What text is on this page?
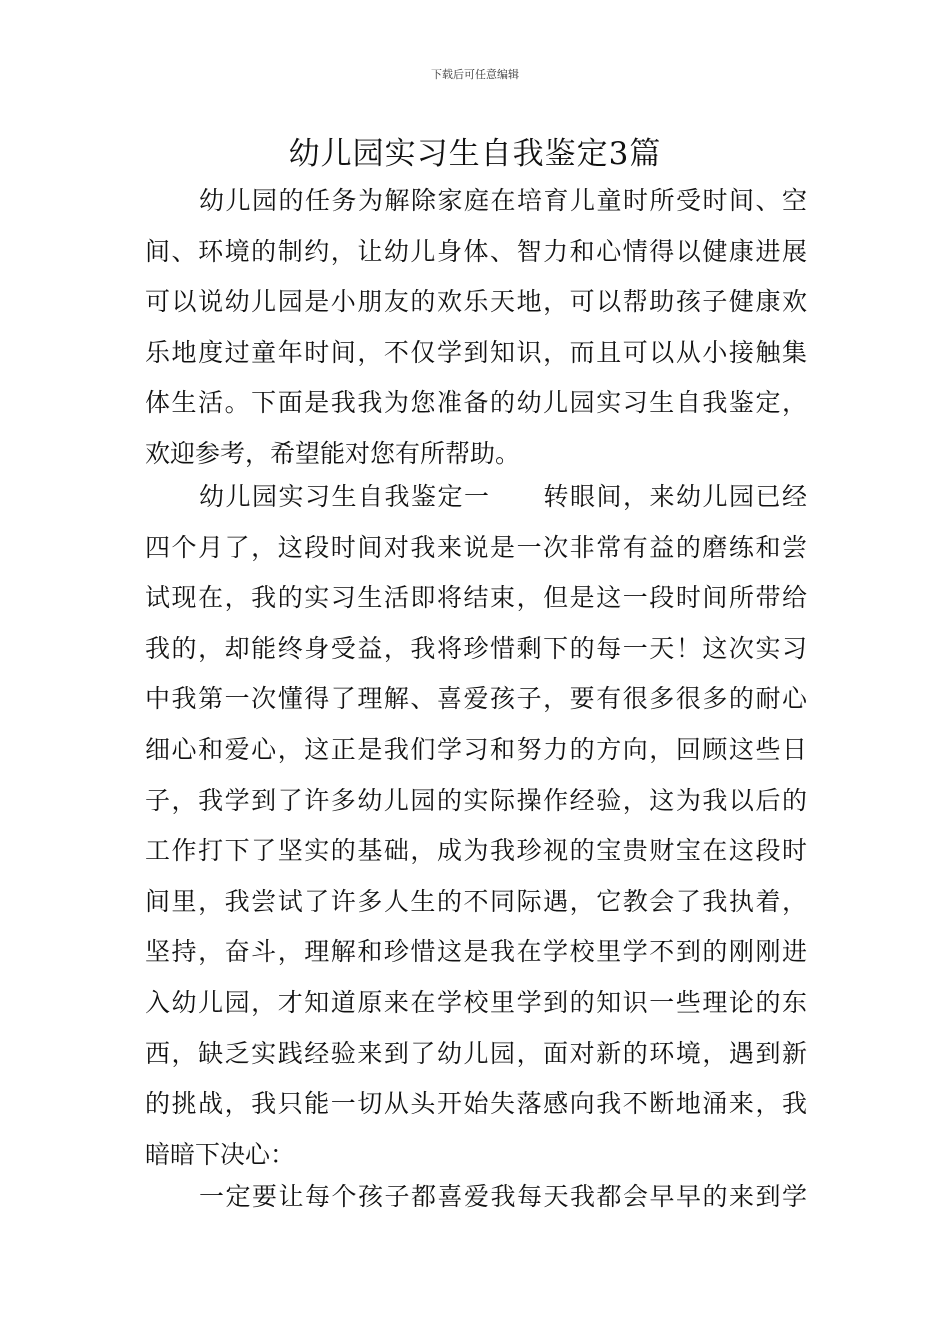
下载后可任意编辑
幼儿园实习生自我鉴定3篇
幼儿园的任务为解除家庭在培育儿童时所受时间、空
间、环境的制约，让幼儿身体、智力和心情得以健康进展
可以说幼儿园是小朋友的欢乐天地，可以帮助孩子健康欢
乐地度过童年时间，不仅学到知识，而且可以从小接触集
体生活。下面是我我为您准备的幼儿园实习生自我鉴定，
欢迎参考，希望能对您有所帮助。
幼儿园实习生自我鉴定一　　转眼间，来幼儿园已经
四个月了，这段时间对我来说是一次非常有益的磨练和尝
试现在，我的实习生活即将结束，但是这一段时间所带给
我的，却能终身受益，我将珍惜剩下的每一天！这次实习
中我第一次懂得了理解、喜爱孩子，要有很多很多的耐心
细心和爱心，这正是我们学习和努力的方向，回顾这些日
子，我学到了许多幼儿园的实际操作经验，这为我以后的
工作打下了坚实的基础，成为我珍视的宝贵财宝在这段时
间里，我尝试了许多人生的不同际遇，它教会了我执着，
坚持，奋斗，理解和珍惜这是我在学校里学不到的刚刚进
入幼儿园，才知道原来在学校里学到的知识一些理论的东
西，缺乏实践经验来到了幼儿园，面对新的环境，遇到新
的挑战，我只能一切从头开始失落感向我不断地涌来，我
暗暗下决心：
一定要让每个孩子都喜爱我每天我都会早早的来到学
